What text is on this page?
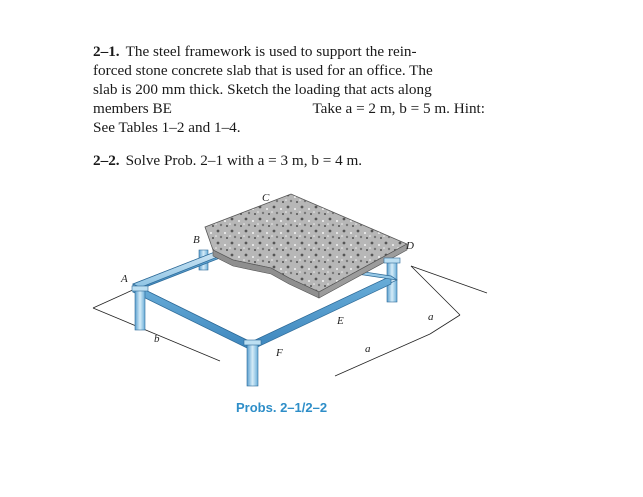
2–1. The steel framework is used to support the rein-
forced stone concrete slab that is used for an office. The
slab is 200 mm thick. Sketch the loading that acts along
members BE	Take a = 2 m, b = 5 m. Hint:
See Tables 1–2 and 1–4.
2–2. Solve Prob. 2–1 with a = 3 m, b = 4 m.
A
B
C
D
E
F
a
a
b
Probs. 2–1/2–2
